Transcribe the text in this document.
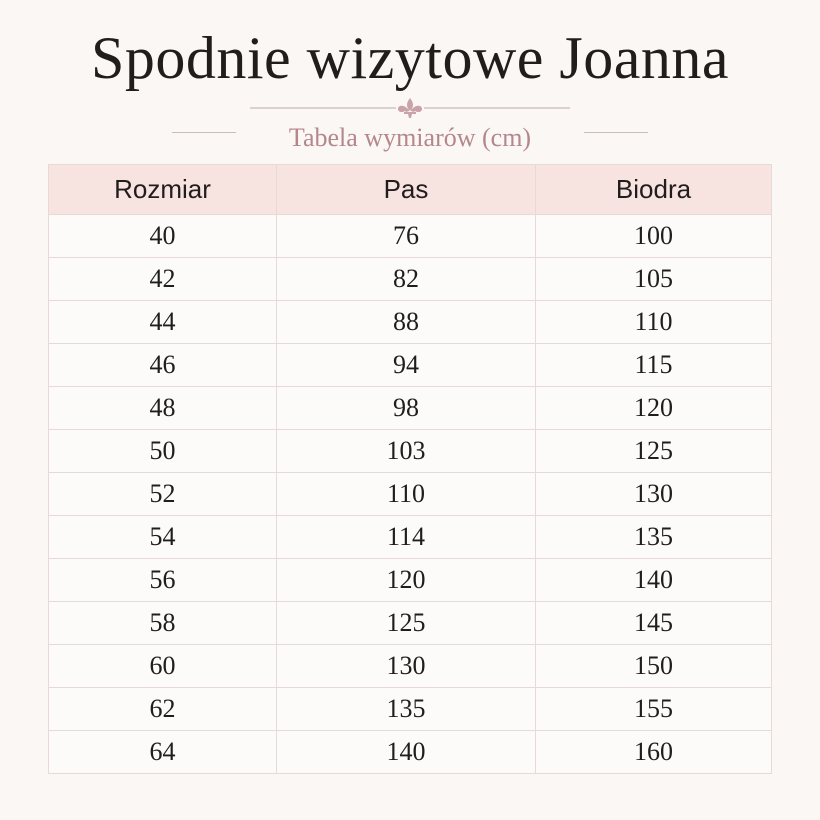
Spodnie wizytowe Joanna
Tabela wymiarów (cm)
Rozmiar	Pas	Biodra
40	76	100
42	82	105
44	88	110
46	94	115
48	98	120
50	103	125
52	110	130
54	114	135
56	120	140
58	125	145
60	130	150
62	135	155
64	140	160
